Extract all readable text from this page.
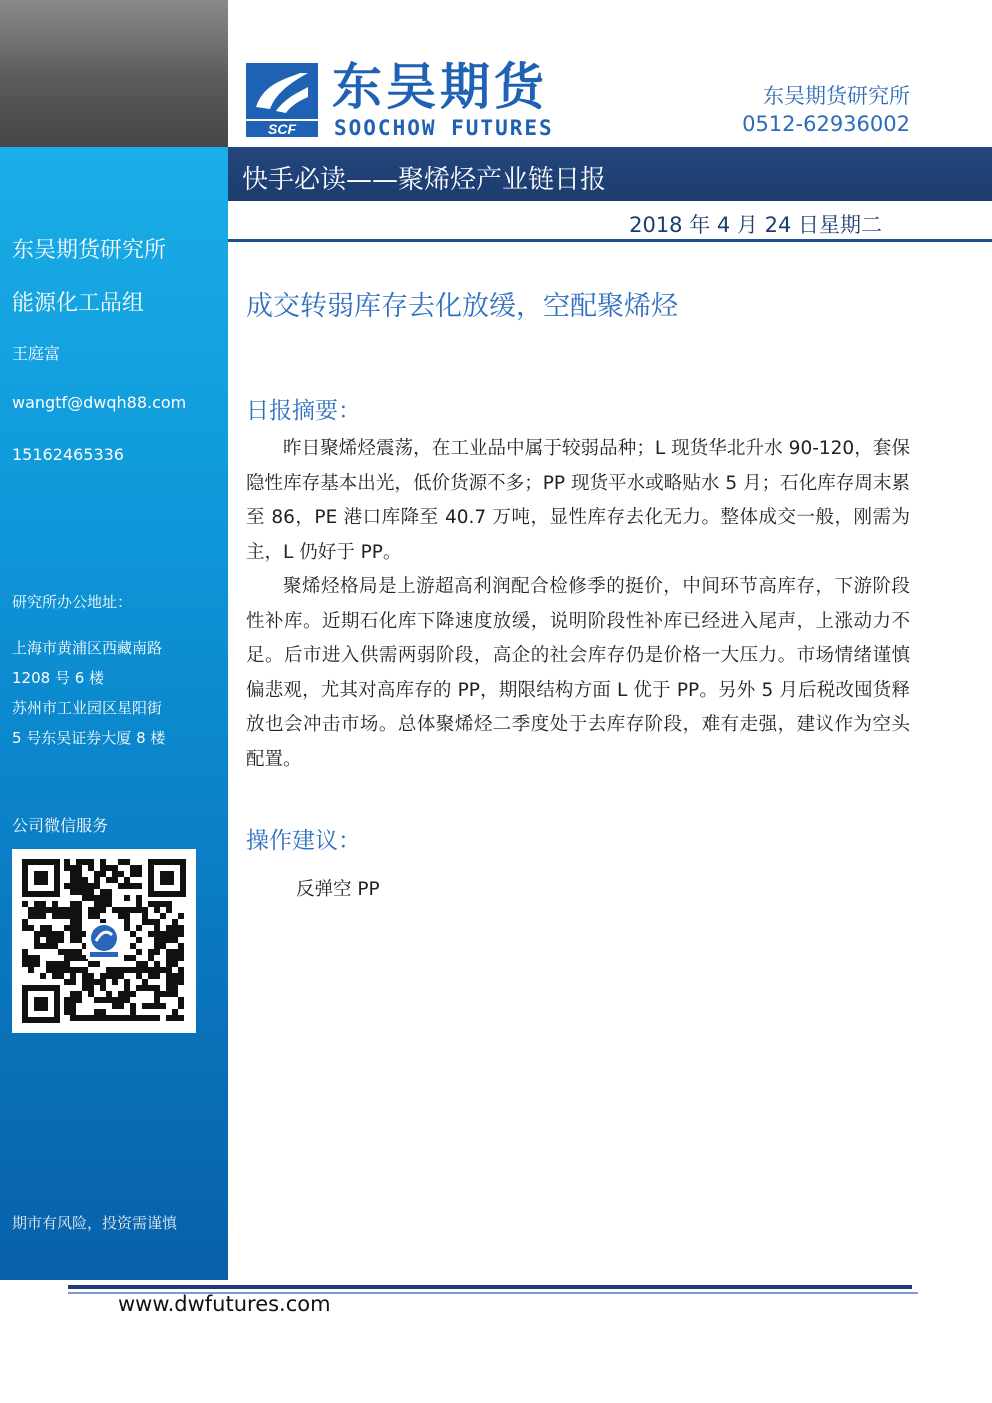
东吴期货研究所
能源化工品组
王庭富
wangtf@dwqh88.com
15162465336
研究所办公地址：
上海市黄浦区西藏南路
1208 号 6 楼
苏州市工业园区星阳街
5 号东吴证券大厦 8 楼
公司微信服务
SCF
东吴期货
SOOCHOW FUTURES
东吴期货研究所
0512-62936002
快手必读——聚烯烃产业链日报
2018 年 4 月 24 日星期二
成交转弱库存去化放缓，空配聚烯烃
日报摘要：
昨日聚烯烃震荡，在工业品中属于较弱品种；L 现货华北升水 90-120，套保隐性库存基本出光，低价货源不多；PP 现货平水或略贴水 5 月；石化库存周末累至 86，PE 港口库降至 40.7 万吨，显性库存去化无力。整体成交一般，刚需为主，L 仍好于 PP。
聚烯烃格局是上游超高利润配合检修季的挺价，中间环节高库存，下游阶段性补库。近期石化库下降速度放缓，说明阶段性补库已经进入尾声，上涨动力不足。后市进入供需两弱阶段，高企的社会库存仍是价格一大压力。市场情绪谨慎偏悲观，尤其对高库存的 PP，期限结构方面 L 优于 PP。另外 5 月后税改囤货释放也会冲击市场。总体聚烯烃二季度处于去库存阶段，难有走强，建议作为空头配置。
操作建议：
反弹空 PP
www.dwfutures.com
